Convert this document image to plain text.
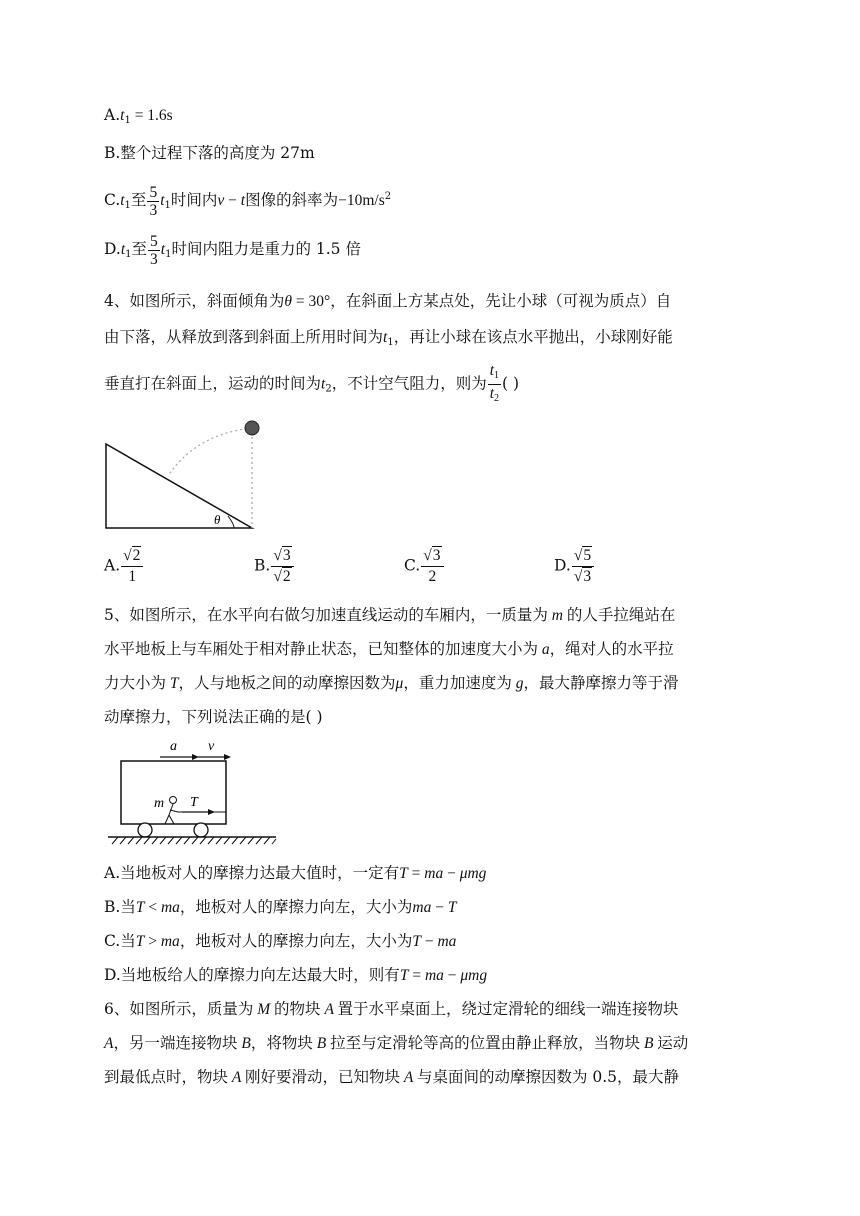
$A.t_1 = 1.6s$
B.整个过程下落的高度为 27m
$C.t_1$至 $\frac{5}{3} t_1$时间内v − t图像的斜率为$-10m/s^2$
$D.t_1$至 $\frac{5}{3} t_1$时间内阻力是重力的 1.5 倍
4、如图所示，斜面倾角为θ = 30°，在斜面上方某点处，先让小球（可视为质点）自
由下落，从释放到落到斜面上所用时间为$t_1$，再让小球在该点水平抛出，小球刚好能
垂直打在斜面上，运动的时间为$t_2$，不计空气阻力，则为 $\frac{t_1}{t_2}$ ( )
θ
A. $\frac{√2}{1}$	B. $\frac{√3}{√2}$	C. $\frac{√3}{2}$	D. $\frac{√5}{√3}$
5、如图所示，在水平向右做匀加速直线运动的车厢内，一质量为 m 的人手拉绳站在
水平地板上与车厢处于相对静止状态，已知整体的加速度大小为 a，绳对人的水平拉
力大小为 T，人与地板之间的动摩擦因数为μ，重力加速度为 g，最大静摩擦力等于滑
动摩擦力，下列说法正确的是( )
a v
m T
A.当地板对人的摩擦力达最大值时，一定有T = ma − μmg
B.当T < ma，地板对人的摩擦力向左，大小为ma − T
C.当T > ma，地板对人的摩擦力向左，大小为T − ma
D.当地板给人的摩擦力向左达最大时，则有T = ma − μmg
6、如图所示，质量为 M 的物块 A 置于水平桌面上，绕过定滑轮的细线一端连接物块
A，另一端连接物块 B，将物块 B 拉至与定滑轮等高的位置由静止释放，当物块 B 运动
到最低点时，物块 A 刚好要滑动，已知物块 A 与桌面间的动摩擦因数为 0.5，最大静
